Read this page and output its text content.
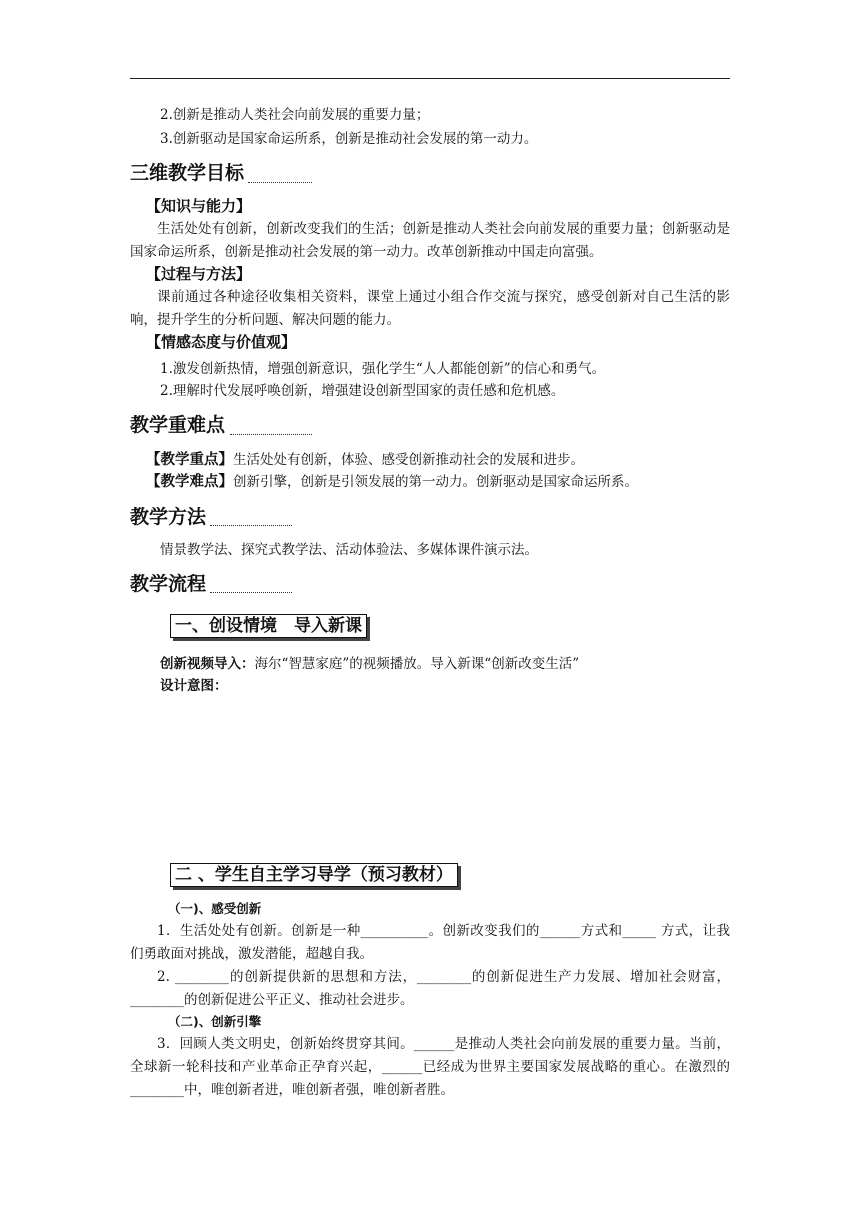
2.创新是推动人类社会向前发展的重要力量；
3.创新驱动是国家命运所系，创新是推动社会发展的第一动力。
三维教学目标
【知识与能力】
生活处处有创新，创新改变我们的生活；创新是推动人类社会向前发展的重要力量；创新驱动是国家命运所系，创新是推动社会发展的第一动力。改革创新推动中国走向富强。
【过程与方法】
课前通过各种途径收集相关资料，课堂上通过小组合作交流与探究，感受创新对自己生活的影响，提升学生的分析问题、解决问题的能力。
【情感态度与价值观】
1.激发创新热情，增强创新意识，强化学生“人人都能创新”的信心和勇气。
2.理解时代发展呼唤创新，增强建设创新型国家的责任感和危机感。
教学重难点
【教学重点】生活处处有创新，体验、感受创新推动社会的发展和进步。
【教学难点】创新引擎，创新是引领发展的第一动力。创新驱动是国家命运所系。
教学方法
情景教学法、探究式教学法、活动体验法、多媒体课件演示法。
教学流程
一、创设情境　导入新课
创新视频导入：海尔“智慧家庭”的视频播放。导入新课“创新改变生活”
设计意图：
二 、学生自主学习导学（预习教材）
（一)、感受创新
1．生活处处有创新。创新是一种__________。创新改变我们的______方式和_____ 方式，让我们勇敢面对挑战，激发潜能，超越自我。
2. ________的创新提供新的思想和方法，________的创新促进生产力发展、增加社会财富，________的创新促进公平正义、推动社会进步。
（二)、创新引擎
3．回顾人类文明史，创新始终贯穿其间。______是推动人类社会向前发展的重要力量。当前，全球新一轮科技和产业革命正孕育兴起，______已经成为世界主要国家发展战略的重心。在激烈的________中，唯创新者进，唯创新者强，唯创新者胜。
